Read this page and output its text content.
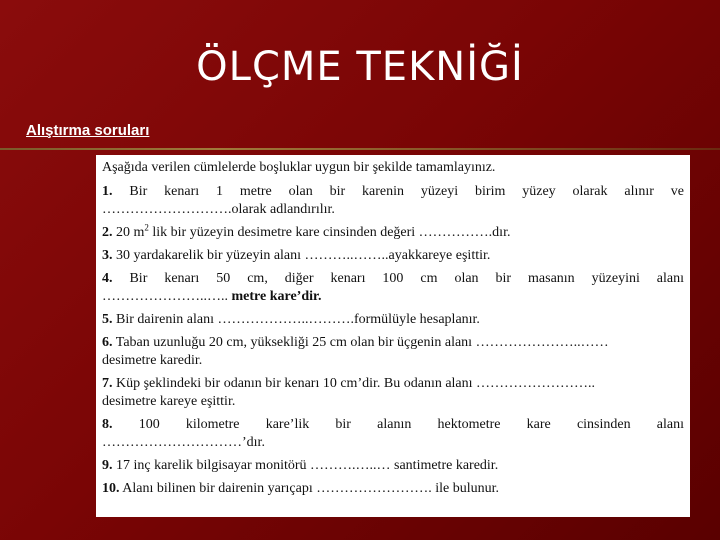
ÖLÇME TEKNİĞİ
Alıştırma soruları

Aşağıda verilen cümlelerde boşluklar uygun bir şekilde tamamlayınız.

1. Bir kenarı 1 metre olan bir karenin yüzeyi birim yüzey olarak alınır ve
……………………….olarak adlandırılır.
2. 20 $m^2$ lik bir yüzeyin desimetre kare cinsinden değeri …………….dır.
3. 30 yardakarelik bir yüzeyin alanı ………..……..ayakkareye eşittir.
4. Bir kenarı 50 cm, diğer kenarı 100 cm olan bir masanın yüzeyini alanı
…………………..….. metre kare’dir.
5. Bir dairenin alanı ………………..……….formülüyle hesaplanır.
6. Taban uzunluğu 20 cm, yüksekliği 25 cm olan bir üçgenin alanı …………………..……
desimetre karedir.
7. Küp şeklindeki bir odanın bir kenarı 10 cm’dir. Bu odanın alanı ……………………..
desimetre kareye eşittir.
8. 100 kilometre kare’lik bir alanın hektometre kare cinsinden alanı
…………………………’dır.
9. 17 inç karelik bilgisayar monitörü ……….…..… santimetre karedir.
10. Alanı bilinen bir dairenin yarıçapı ……………………. ile bulunur.
